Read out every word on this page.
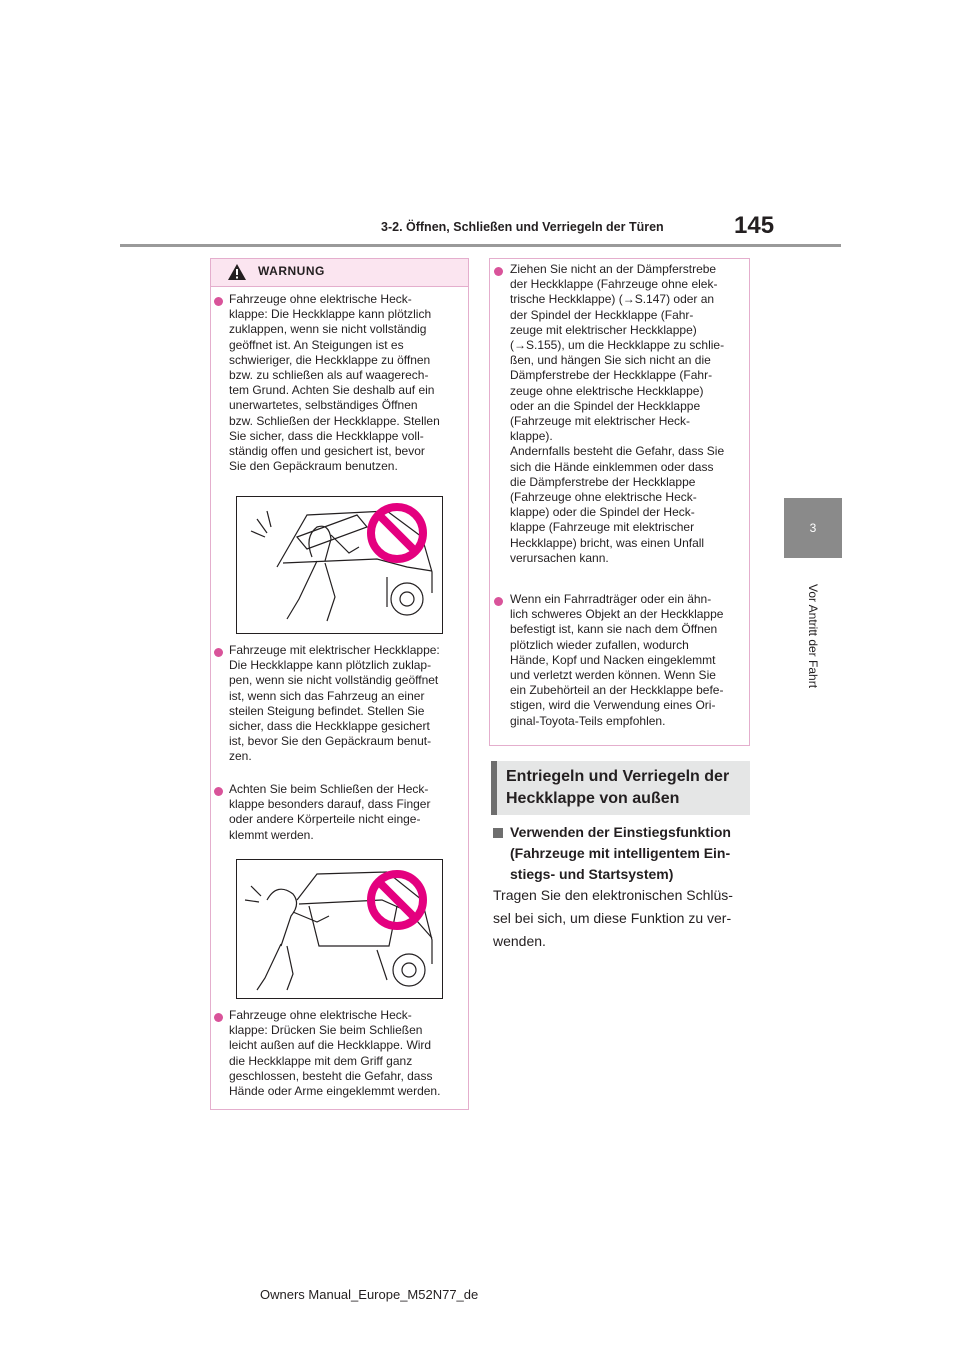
3-2. Öffnen, Schließen und Verriegeln der Türen	145
3
Vor Antritt der Fahrt
WARNUNG
Fahrzeuge ohne elektrische Heck-
klappe: Die Heckklappe kann plötzlich
zuklappen, wenn sie nicht vollständig
geöffnet ist. An Steigungen ist es
schwieriger, die Heckklappe zu öffnen
bzw. zu schließen als auf waagerech-
tem Grund. Achten Sie deshalb auf ein
unerwartetes, selbständiges Öffnen
bzw. Schließen der Heckklappe. Stellen
Sie sicher, dass die Heckklappe voll-
ständig offen und gesichert ist, bevor
Sie den Gepäckraum benutzen.
Fahrzeuge mit elektrischer Heckklappe:
Die Heckklappe kann plötzlich zuklap-
pen, wenn sie nicht vollständig geöffnet
ist, wenn sich das Fahrzeug an einer
steilen Steigung befindet. Stellen Sie
sicher, dass die Heckklappe gesichert
ist, bevor Sie den Gepäckraum benut-
zen.
Achten Sie beim Schließen der Heck-
klappe besonders darauf, dass Finger
oder andere Körperteile nicht einge-
klemmt werden.
Fahrzeuge ohne elektrische Heck-
klappe: Drücken Sie beim Schließen
leicht außen auf die Heckklappe. Wird
die Heckklappe mit dem Griff ganz
geschlossen, besteht die Gefahr, dass
Hände oder Arme eingeklemmt werden.
Ziehen Sie nicht an der Dämpferstrebe
der Heckklappe (Fahrzeuge ohne elek-
trische Heckklappe) (→S.147) oder an
der Spindel der Heckklappe (Fahr-
zeuge mit elektrischer Heckklappe)
(→S.155), um die Heckklappe zu schlie-
ßen, und hängen Sie sich nicht an die
Dämpferstrebe der Heckklappe (Fahr-
zeuge ohne elektrische Heckklappe)
oder an die Spindel der Heckklappe
(Fahrzeuge mit elektrischer Heck-
klappe).
Andernfalls besteht die Gefahr, dass Sie
sich die Hände einklemmen oder dass
die Dämpferstrebe der Heckklappe
(Fahrzeuge ohne elektrische Heck-
klappe) oder die Spindel der Heck-
klappe (Fahrzeuge mit elektrischer
Heckklappe) bricht, was einen Unfall
verursachen kann.
Wenn ein Fahrradträger oder ein ähn-
lich schweres Objekt an der Heckklappe
befestigt ist, kann sie nach dem Öffnen
plötzlich wieder zufallen, wodurch
Hände, Kopf und Nacken eingeklemmt
und verletzt werden können. Wenn Sie
ein Zubehörteil an der Heckklappe befe-
stigen, wird die Verwendung eines Ori-
ginal-Toyota-Teils empfohlen.
Entriegeln und Verriegeln der
Heckklappe von außen
Verwenden der Einstiegsfunktion
(Fahrzeuge mit intelligentem Ein-
stiegs- und Startsystem)
Tragen Sie den elektronischen Schlüs-
sel bei sich, um diese Funktion zu ver-
wenden.
Owners Manual_Europe_M52N77_de
